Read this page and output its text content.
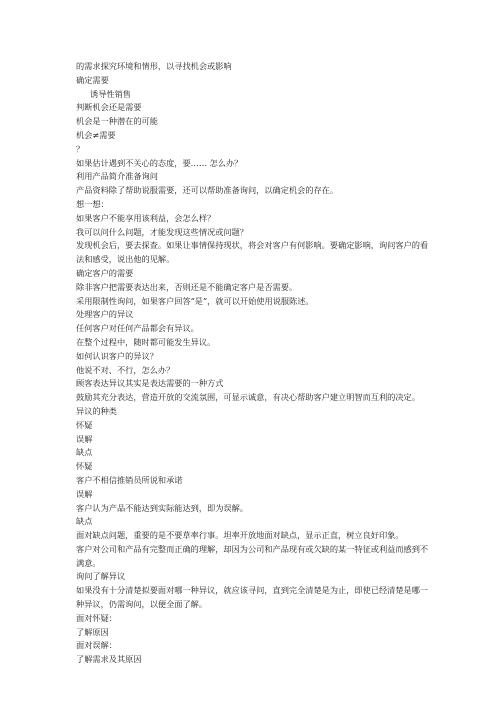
的需求探究环境和情形，以寻找机会或影响
确定需要
诱导性销售
判断机会还是需要
机会是一种潜在的可能
机会≠需要
？
如果估计遇到不关心的态度，要…… 怎么办？
利用产品简介准备询问
产品资料除了帮助说服需要，还可以帮助准备询问，以确定机会的存在。
想一想：
如果客户不能享用该利益，会怎么样？
我可以问什么问题，才能发现这些情况或问题？
发现机会后，要去探查。如果让事情保持现状，将会对客户有何影响。要确定影响，询问客户的看法和感受，说出他的见解。
确定客户的需要
除非客户把需要表达出来，否则还是不能确定客户是否需要。
采用限制性询问，如果客户回答“是”，就可以开始使用说服陈述。
处理客户的异议
任何客户对任何产品都会有异议。
在整个过程中，随时都可能发生异议。
如何认识客户的异议？
他说不对、不行，怎么办？
顾客表达异议其实是表达需要的一种方式
鼓励其充分表达，营造开放的交流氛围，可显示诚意，有决心帮助客户建立明智而互利的决定。
异议的种类
怀疑
误解
缺点
怀疑
客户不相信推销员所说和承诺
误解
客户认为产品不能达到实际能达到，即为误解。
缺点
面对缺点问题，重要的是不要草率行事。坦率开放地面对缺点，显示正直，树立良好印象。
客户对公司和产品有完整而正确的理解，却因为公司和产品现有或欠缺的某一特征或利益而感到不满意。
询问了解异议
如果没有十分清楚拟要面对哪一种异议，就应该寻问，直到完全清楚是为止，即使已经清楚是哪一种异议，仍需询问，以便全面了解。
面对怀疑：
了解原因
面对误解：
了解需求及其原因
